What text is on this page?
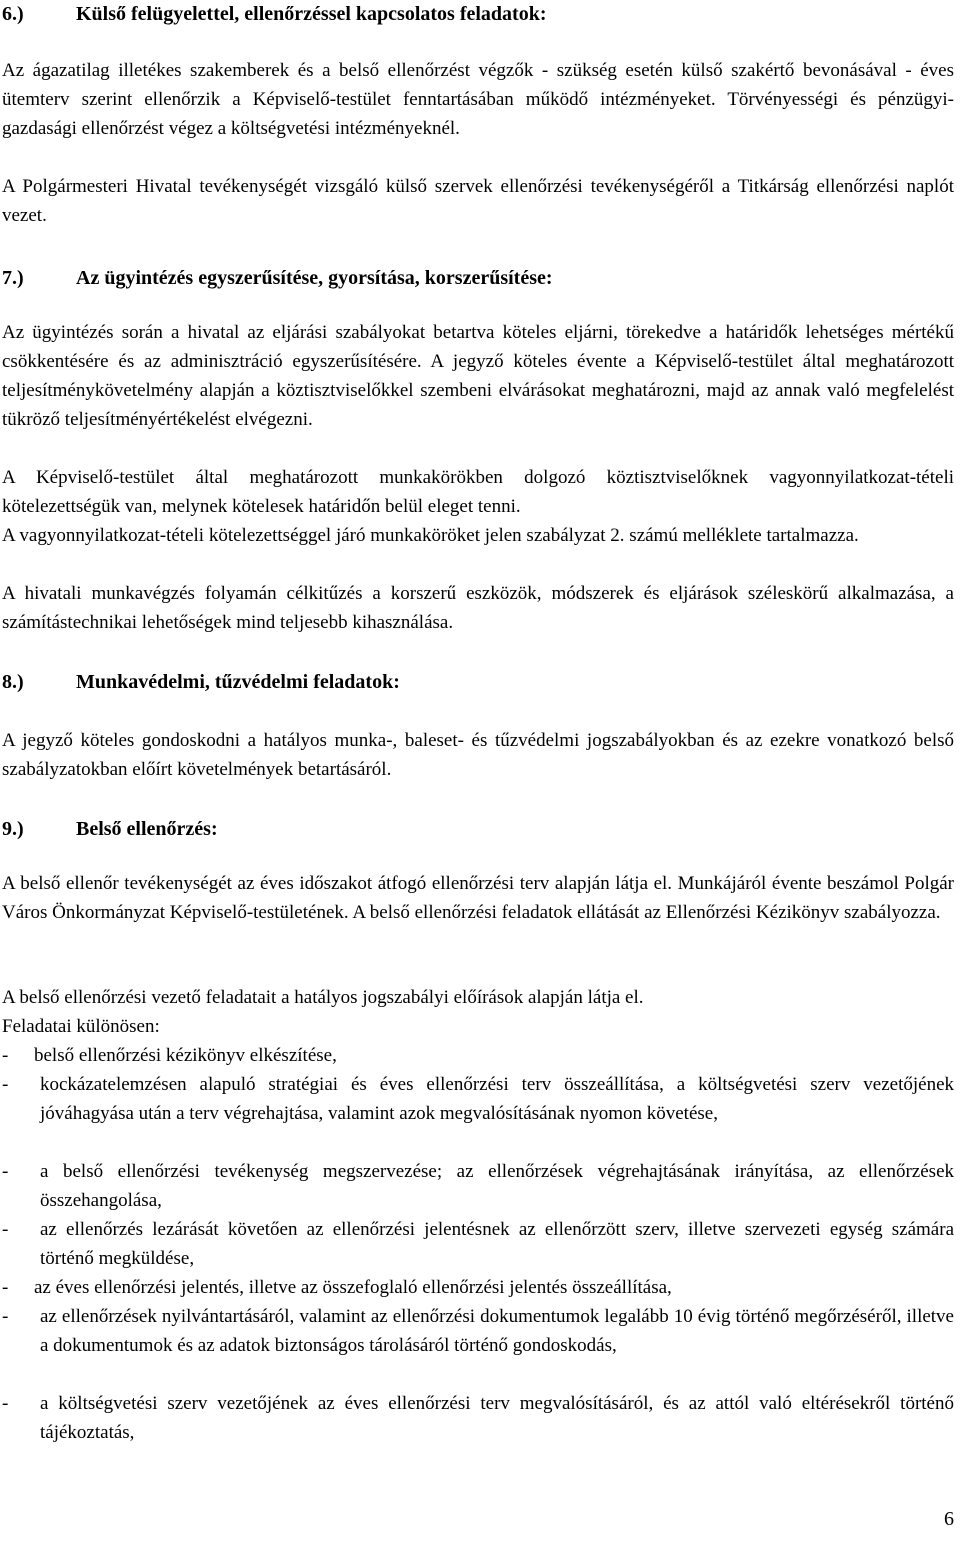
6.)	Külső felügyelettel, ellenőrzéssel kapcsolatos feladatok:

Az ágazatilag illetékes szakemberek és a belső ellenőrzést végzők - szükség esetén külső szakértő bevonásával - éves ütemterv szerint ellenőrzik a Képviselő-testület fenntartásában működő intézményeket. Törvényességi és pénzügyi-gazdasági ellenőrzést végez a költségvetési intézményeknél.

A Polgármesteri Hivatal tevékenységét vizsgáló külső szervek ellenőrzési tevékenységéről a Titkárság ellenőrzési naplót vezet.

7.)	Az ügyintézés egyszerűsítése, gyorsítása, korszerűsítése:

Az ügyintézés során a hivatal az eljárási szabályokat betartva köteles eljárni, törekedve a határidők lehetséges mértékű csökkentésére és az adminisztráció egyszerűsítésére. A jegyző köteles évente a Képviselő-testület által meghatározott teljesítménykövetelmény alapján a köztisztviselőkkel szembeni elvárásokat meghatározni, majd az annak való megfelelést tükröző teljesítményértékelést elvégezni.

A Képviselő-testület által meghatározott munkakörökben dolgozó köztisztviselőknek vagyonnyilatkozat-tételi kötelezettségük van, melynek kötelesek határidőn belül eleget tenni.

A vagyonnyilatkozat-tételi kötelezettséggel járó munkaköröket jelen szabályzat 2. számú melléklete tartalmazza.

A hivatali munkavégzés folyamán célkitűzés a korszerű eszközök, módszerek és eljárások széleskörű alkalmazása, a számítástechnikai lehetőségek mind teljesebb kihasználása.

8.)	Munkavédelmi, tűzvédelmi feladatok:

A jegyző köteles gondoskodni a hatályos munka-, baleset- és tűzvédelmi jogszabályokban és az ezekre vonatkozó belső szabályzatokban előírt követelmények betartásáról.

9.)	Belső ellenőrzés:

A belső ellenőr tevékenységét az éves időszakot átfogó ellenőrzési terv alapján látja el. Munkájáról évente beszámol Polgár Város Önkormányzat Képviselő-testületének. A belső ellenőrzési feladatok ellátását az Ellenőrzési Kézikönyv szabályozza.

A belső ellenőrzési vezető feladatait a hatályos jogszabályi előírások alapján látja el.

Feladatai különösen:

- belső ellenőrzési kézikönyv elkészítése,
- kockázatelemzésen alapuló stratégiai és éves ellenőrzési terv összeállítása, a költségvetési szerv vezetőjének jóváhagyása után a terv végrehajtása, valamint azok megvalósításának nyomon követése,
- a belső ellenőrzési tevékenység megszervezése; az ellenőrzések végrehajtásának irányítása, az ellenőrzések összehangolása,
- az ellenőrzés lezárását követően az ellenőrzési jelentésnek az ellenőrzött szerv, illetve szervezeti egység számára történő megküldése,
- az éves ellenőrzési jelentés, illetve az összefoglaló ellenőrzési jelentés összeállítása,
- az ellenőrzések nyilvántartásáról, valamint az ellenőrzési dokumentumok legalább 10 évig történő megőrzéséről, illetve a dokumentumok és az adatok biztonságos tárolásáról történő gondoskodás,
- a költségvetési szerv vezetőjének az éves ellenőrzési terv megvalósításáról, és az attól való eltérésekről történő tájékoztatás,
6
